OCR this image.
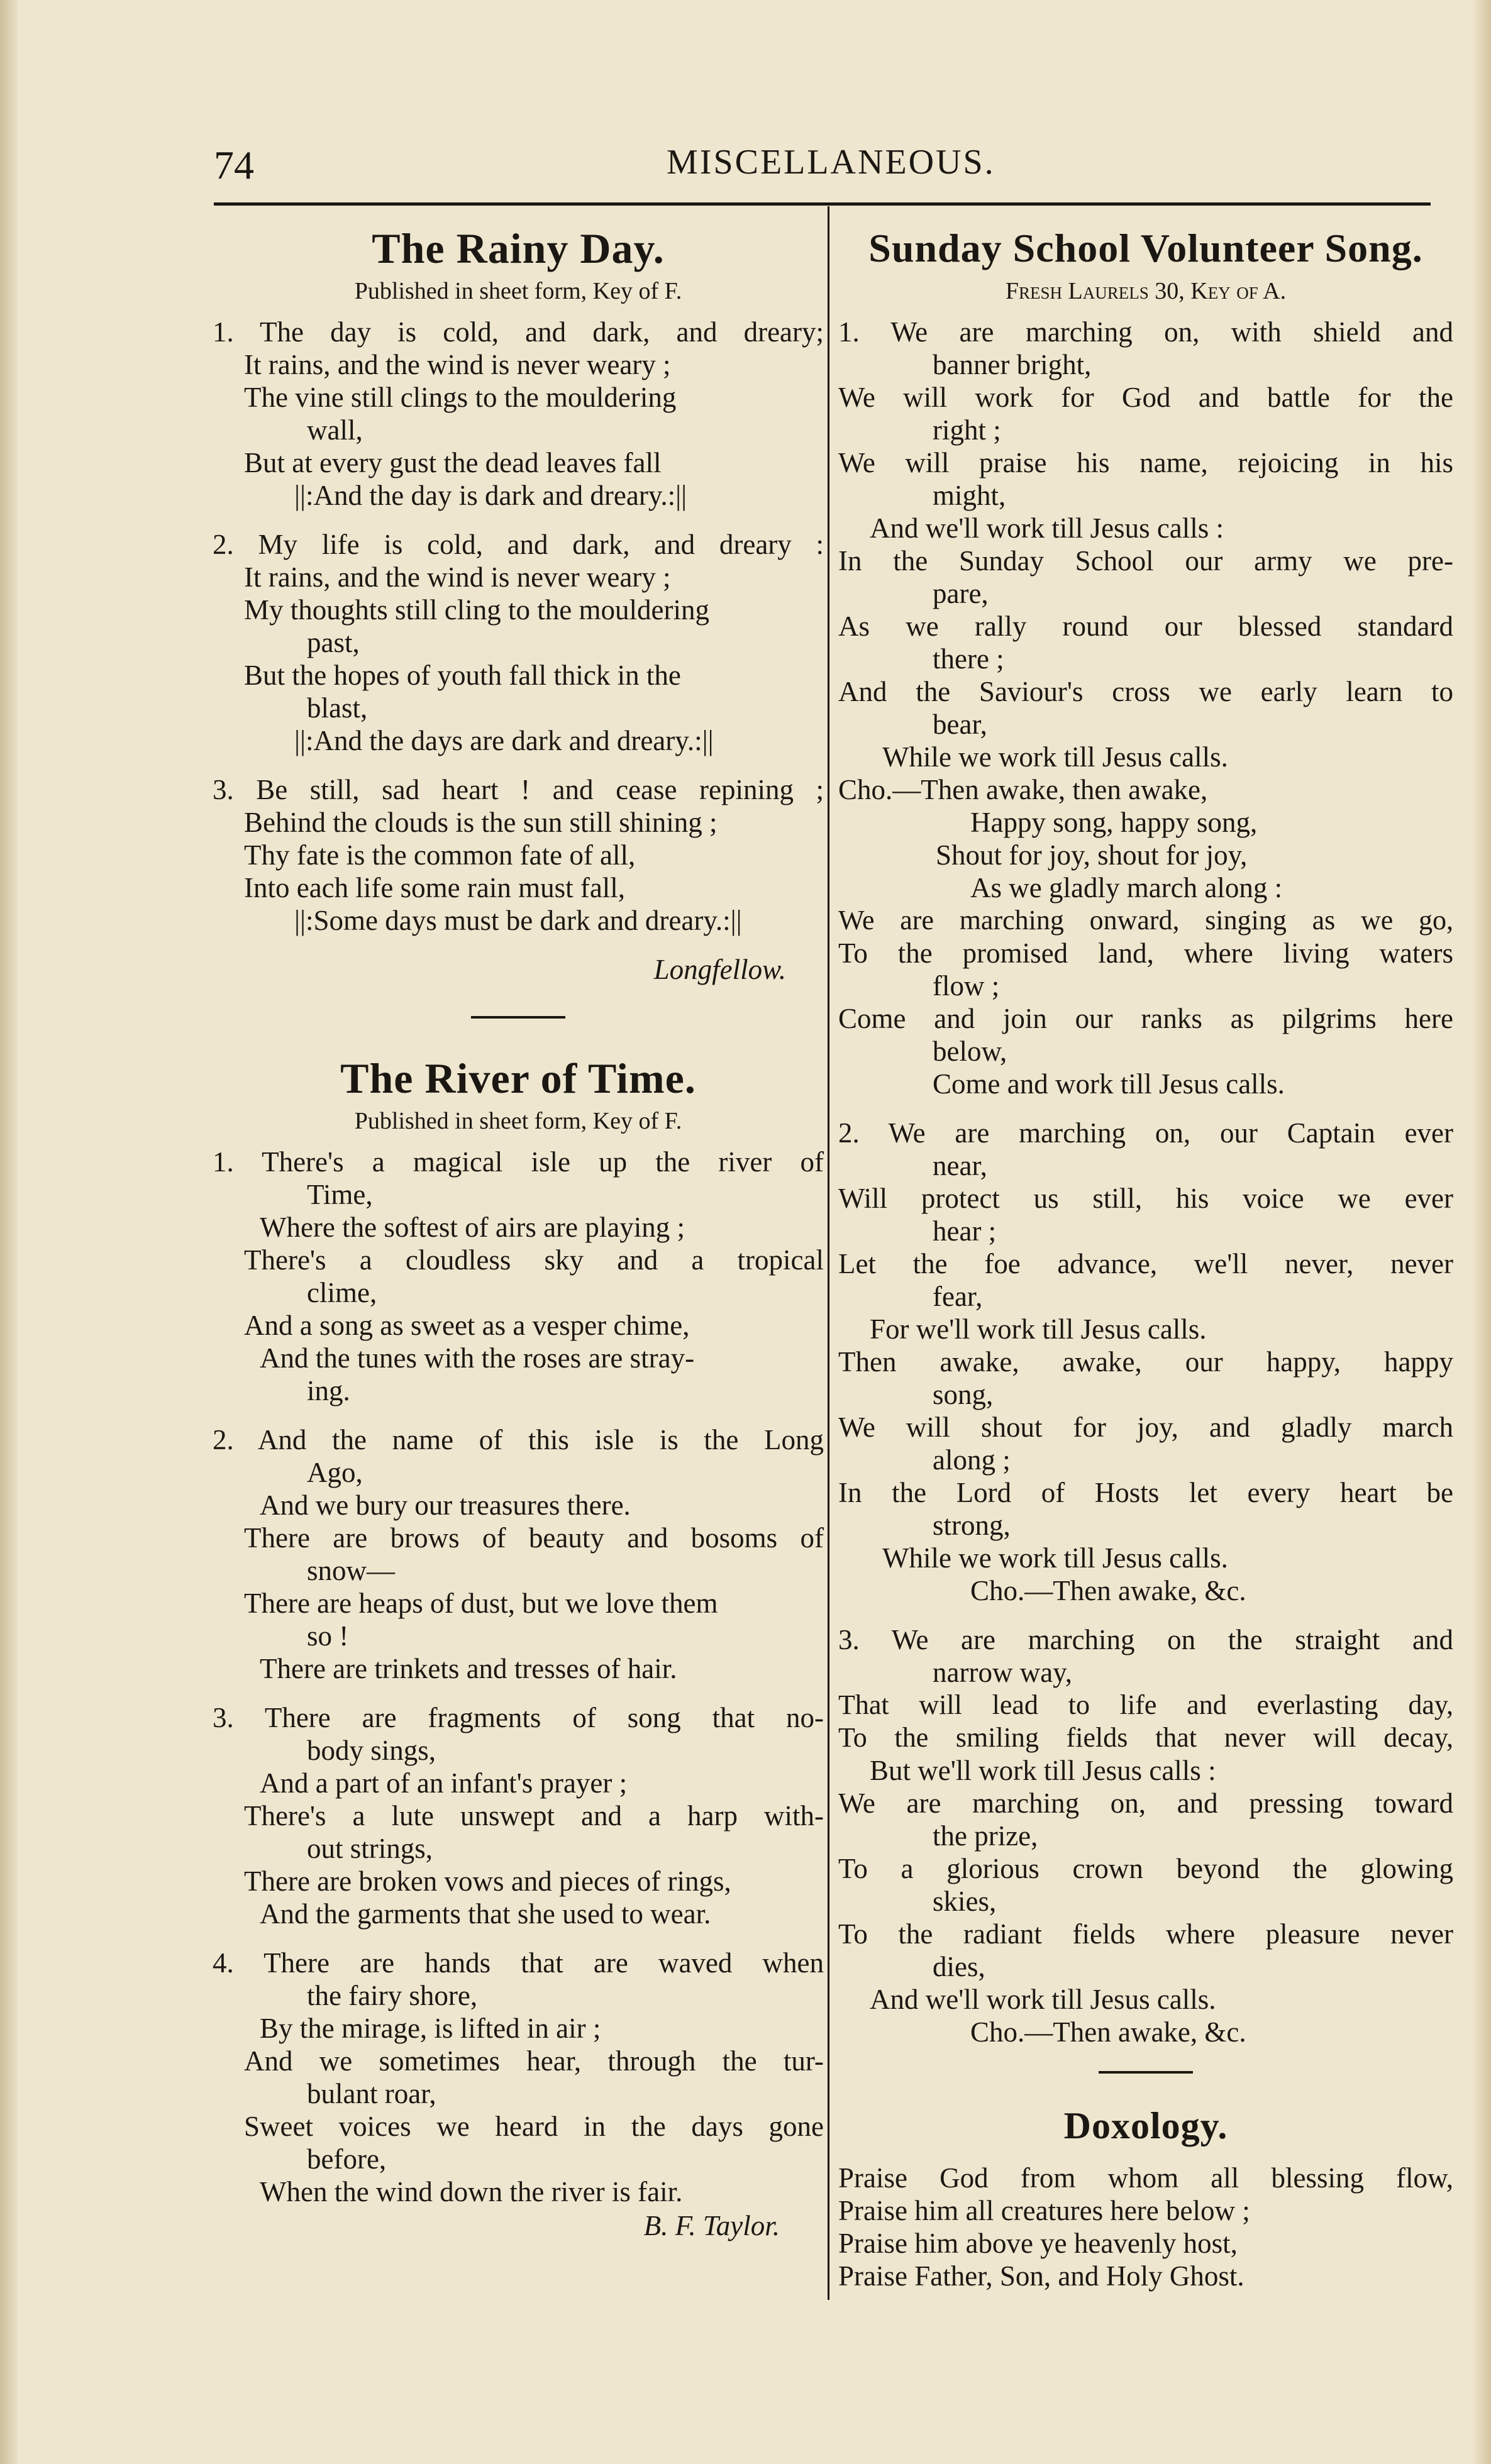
74	MISCELLANEOUS.
The Rainy Day.
Published in sheet form, Key of F.
1. The day is cold, and dark, and dreary;
It rains, and the wind is never weary ;
The vine still clings to the mouldering
wall,
But at every gust the dead leaves fall
||:And the day is dark and dreary.:||
2. My life is cold, and dark, and dreary :
It rains, and the wind is never weary ;
My thoughts still cling to the mouldering
past,
But the hopes of youth fall thick in the
blast,
||:And the days are dark and dreary.:||
3. Be still, sad heart ! and cease repining ;
Behind the clouds is the sun still shining ;
Thy fate is the common fate of all,
Into each life some rain must fall,
||:Some days must be dark and dreary.:||
Longfellow.
The River of Time.
Published in sheet form, Key of F.
1. There's a magical isle up the river of
Time,
Where the softest of airs are playing ;
There's a cloudless sky and a tropical
clime,
And a song as sweet as a vesper chime,
And the tunes with the roses are stray-
ing.
2. And the name of this isle is the Long
Ago,
And we bury our treasures there.
There are brows of beauty and bosoms of
snow—
There are heaps of dust, but we love them
so !
There are trinkets and tresses of hair.
3. There are fragments of song that no-
body sings,
And a part of an infant's prayer ;
There's a lute unswept and a harp with-
out strings,
There are broken vows and pieces of rings,
And the garments that she used to wear.
4. There are hands that are waved when
the fairy shore,
By the mirage, is lifted in air ;
And we sometimes hear, through the tur-
bulant roar,
Sweet voices we heard in the days gone
before,
When the wind down the river is fair.
B. F. Taylor.
Sunday School Volunteer Song.
Fresh Laurels 30, Key of A.
1. We are marching on, with shield and
banner bright,
We will work for God and battle for the
right ;
We will praise his name, rejoicing in his
might,
And we'll work till Jesus calls :
In the Sunday School our army we pre-
pare,
As we rally round our blessed standard
there ;
And the Saviour's cross we early learn to
bear,
While we work till Jesus calls.
Cho.—Then awake, then awake,
Happy song, happy song,
Shout for joy, shout for joy,
As we gladly march along :
We are marching onward, singing as we go,
To the promised land, where living waters
flow ;
Come and join our ranks as pilgrims here
below,
Come and work till Jesus calls.
2. We are marching on, our Captain ever
near,
Will protect us still, his voice we ever
hear ;
Let the foe advance, we'll never, never
fear,
For we'll work till Jesus calls.
Then awake, awake, our happy, happy
song,
We will shout for joy, and gladly march
along ;
In the Lord of Hosts let every heart be
strong,
While we work till Jesus calls.
Cho.—Then awake, &c.
3. We are marching on the straight and
narrow way,
That will lead to life and everlasting day,
To the smiling fields that never will decay,
But we'll work till Jesus calls :
We are marching on, and pressing toward
the prize,
To a glorious crown beyond the glowing
skies,
To the radiant fields where pleasure never
dies,
And we'll work till Jesus calls.
Cho.—Then awake, &c.
Doxology.
Praise God from whom all blessing flow,
Praise him all creatures here below ;
Praise him above ye heavenly host,
Praise Father, Son, and Holy Ghost.
